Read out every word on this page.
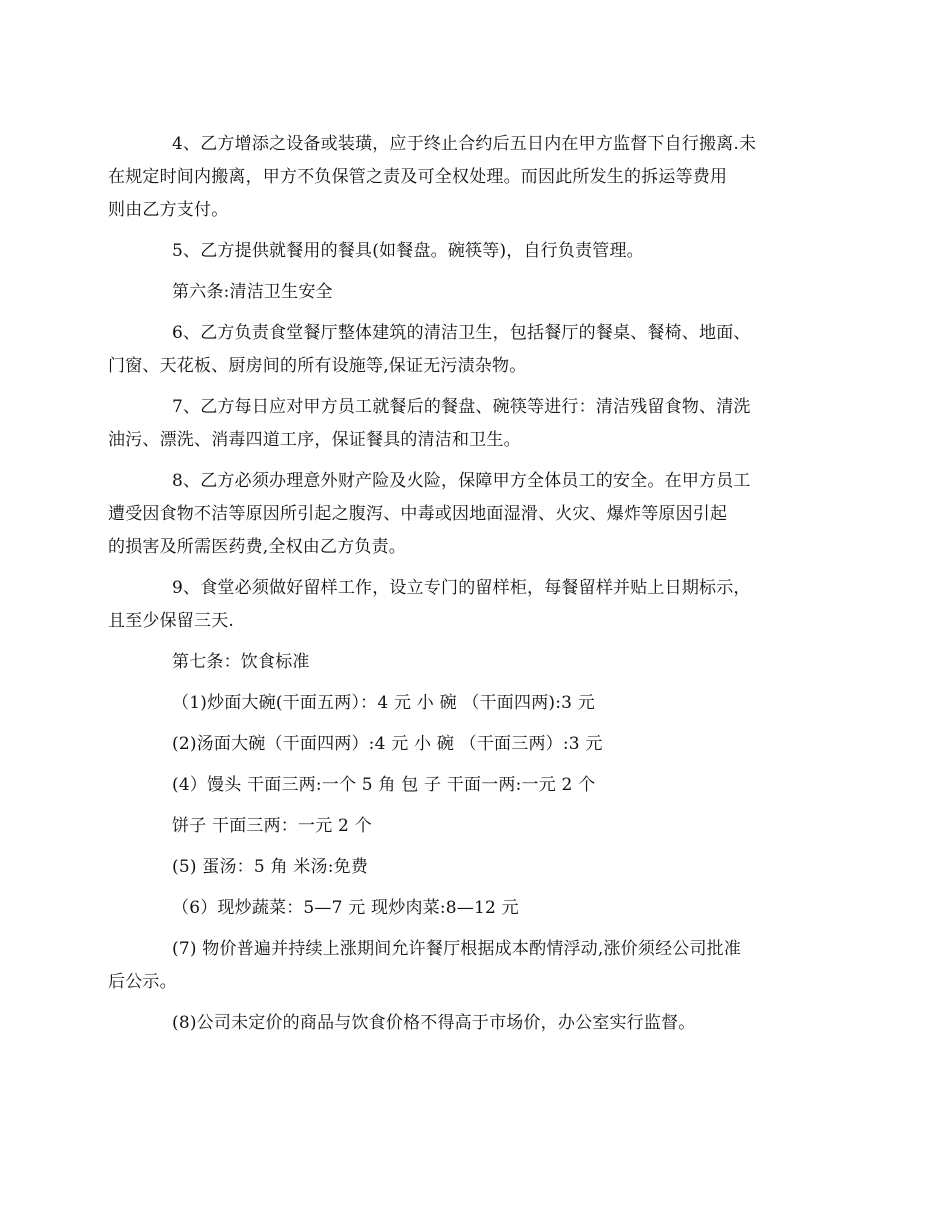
4、乙方增添之设备或装璜，应于终止合约后五日内在甲方监督下自行搬离.未
在规定时间内搬离，甲方不负保管之责及可全权处理。而因此所发生的拆运等费用
则由乙方支付。

5、乙方提供就餐用的餐具(如餐盘。碗筷等)，自行负责管理。

第六条:清洁卫生安全

6、乙方负责食堂餐厅整体建筑的清洁卫生，包括餐厅的餐桌、餐椅、地面、
门窗、天花板、厨房间的所有设施等,保证无污渍杂物。

7、乙方每日应对甲方员工就餐后的餐盘、碗筷等进行：清洁残留食物、清洗
油污、漂洗、消毒四道工序，保证餐具的清洁和卫生。

8、乙方必须办理意外财产险及火险，保障甲方全体员工的安全。在甲方员工
遭受因食物不洁等原因所引起之腹泻、中毒或因地面湿滑、火灾、爆炸等原因引起
的损害及所需医药费,全权由乙方负责。

9、食堂必须做好留样工作，设立专门的留样柜，每餐留样并贴上日期标示，
且至少保留三天.

第七条：饮食标准

（1)炒面大碗(干面五两）：4 元 小 碗 （干面四两):3 元

(2)汤面大碗（干面四两）:4 元 小 碗 （干面三两）:3 元

(4）馒头 干面三两:一个 5 角 包 子 干面一两:一元 2 个

饼子 干面三两：一元 2 个

(5) 蛋汤：5 角 米汤:免费

（6）现炒蔬菜：5—7 元 现炒肉菜:8—12 元

(7) 物价普遍并持续上涨期间允许餐厅根据成本酌情浮动,涨价须经公司批准
后公示。

(8)公司未定价的商品与饮食价格不得高于市场价，办公室实行监督。
